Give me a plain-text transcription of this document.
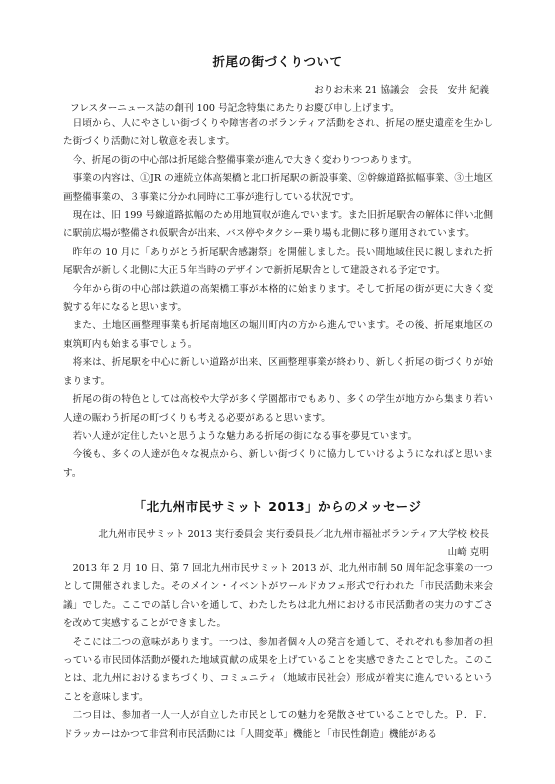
折尾の街づくりついて
おりお未来 21 協議会　会長　安井 紀義
フレスターニュース誌の創刊 100 号記念特集にあたりお慶び申し上げます。

日頃から、人にやさしい街づくりや障害者のボランティア活動をされ、折尾の歴史遺産を生かした街づくり活動に対し敬意を表します。

今、折尾の街の中心部は折尾総合整備事業が進んで大きく変わりつつあります。

事業の内容は、①JR の連続立体高架橋と北口折尾駅の新設事業、②幹線道路拡幅事業、③土地区画整備事業の、３事業に分かれ同時に工事が進行している状況です。

現在は、旧 199 号線道路拡幅のため用地買収が進んでいます。また旧折尾駅舎の解体に伴い北側に駅前広場が整備され仮駅舎が出来、バス停やタクシー乗り場も北側に移り運用されています。

昨年の 10 月に「ありがとう折尾駅舎感謝祭」を開催しました。長い間地域住民に親しまれた折尾駅舎が新しく北側に大正５年当時のデザインで新折尾駅舎として建設される予定です。

今年から街の中心部は鉄道の高架橋工事が本格的に始まります。そして折尾の街が更に大きく変貌する年になると思います。

また、土地区画整理事業も折尾南地区の堀川町内の方から進んでいます。その後、折尾東地区の東筑町内も始まる事でしょう。

将来は、折尾駅を中心に新しい道路が出来、区画整理事業が終わり、新しく折尾の街づくりが始まります。

折尾の街の特色としては高校や大学が多く学園都市でもあり、多くの学生が地方から集まり若い人達の賑わう折尾の町づくりも考える必要があると思います。

若い人達が定住したいと思うような魅力ある折尾の街になる事を夢見ています。

今後も、多くの人達が色々な視点から、新しい街づくりに協力していけるようになればと思います。

「北九州市民サミット 2013」からのメッセージ
北九州市民サミット 2013 実行委員会 実行委員長／北九州市福祉ボランティア大学校 校長
山崎 克明

2013 年 2 月 10 日、第 7 回北九州市民サミット 2013 が、北九州市制 50 周年記念事業の一つとして開催されました。そのメイン・イベントがワールドカフェ形式で行われた「市民活動未来会議」でした。ここでの話し合いを通して、わたしたちは北九州における市民活動者の実力のすごさを改めて実感することができました。

そこには二つの意味があります。一つは、参加者個々人の発言を通して、それぞれも参加者の担っている市民団体活動が優れた地域貢献の成果を上げていることを実感できたことでした。このことは、北九州におけるまちづくり、コミュニティ（地域市民社会）形成が着実に進んでいるということを意味します。

二つ目は、参加者一人一人が自立した市民としての魅力を発散させていることでした。Ｐ．Ｆ．ドラッカーはかつて非営利市民活動には「人間変革」機能と「市民性創造」機能がある
